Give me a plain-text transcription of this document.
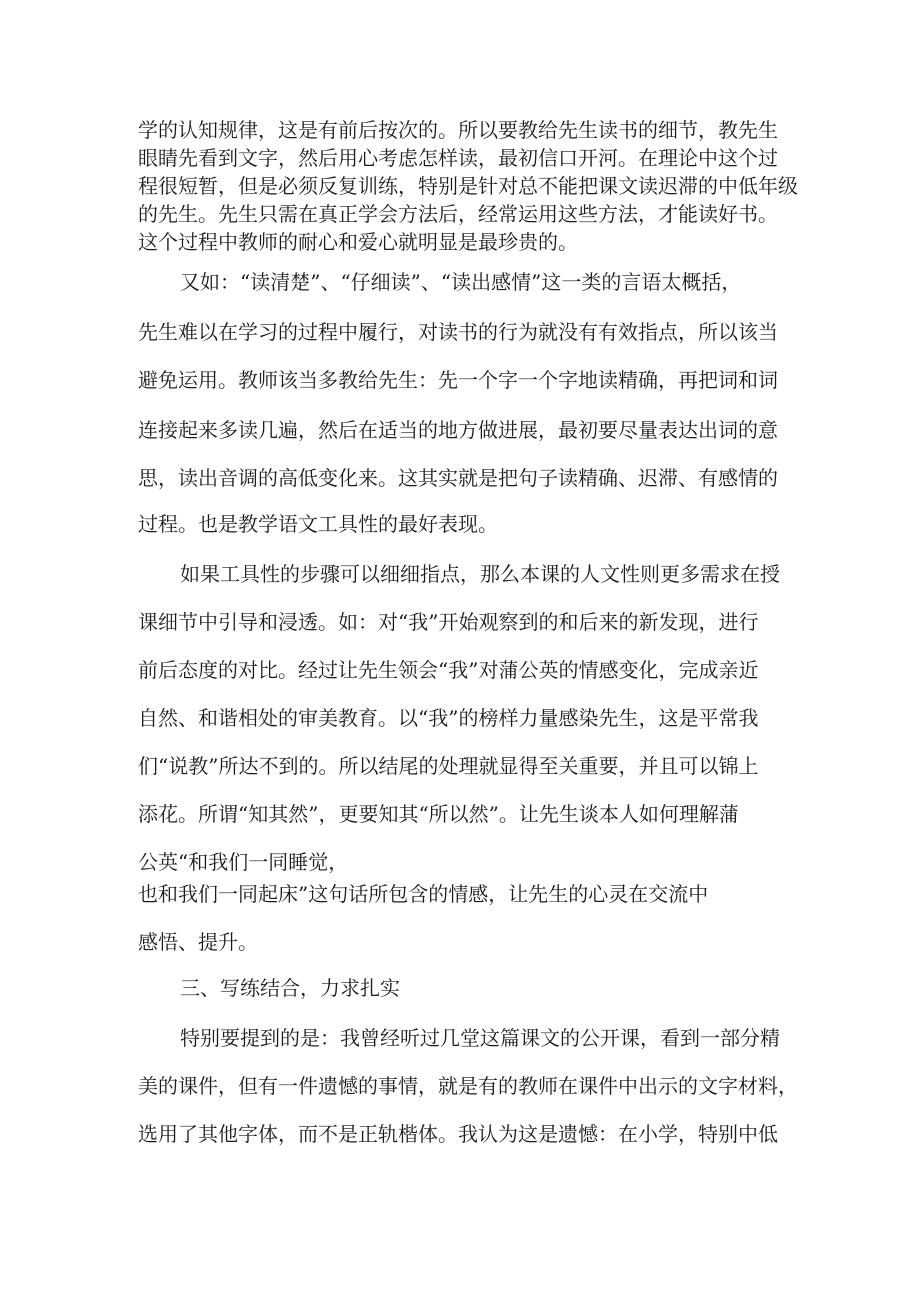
学的认知规律，这是有前后按次的。所以要教给先生读书的细节，教先生

眼睛先看到文字，然后用心考虑怎样读，最初信口开河。在理论中这个过

程很短暂，但是必须反复训练，特别是针对总不能把课文读迟滞的中低年级

的先生。先生只需在真正学会方法后，经常运用这些方法，才能读好书。

这个过程中教师的耐心和爱心就明显是最珍贵的。

又如：“读清楚”、“仔细读”、“读出感情”这一类的言语太概括，

先生难以在学习的过程中履行，对读书的行为就没有有效指点，所以该当

避免运用。教师该当多教给先生：先一个字一个字地读精确，再把词和词

连接起来多读几遍，然后在适当的地方做进展，最初要尽量表达出词的意

思，读出音调的高低变化来。这其实就是把句子读精确、迟滞、有感情的

过程。也是教学语文工具性的最好表现。

如果工具性的步骤可以细细指点，那么本课的人文性则更多需求在授

课细节中引导和浸透。如：对“我”开始观察到的和后来的新发现，进行

前后态度的对比。经过让先生领会“我”对蒲公英的情感变化，完成亲近

自然、和谐相处的审美教育。以“我”的榜样力量感染先生，这是平常我

们“说教”所达不到的。所以结尾的处理就显得至关重要，并且可以锦上

添花。所谓“知其然”，更要知其“所以然”。让先生谈本人如何理解蒲

公英“和我们一同睡觉，

也和我们一同起床”这句话所包含的情感，让先生的心灵在交流中

感悟、提升。

三、写练结合，力求扎实

特别要提到的是：我曾经听过几堂这篇课文的公开课，看到一部分精

美的课件，但有一件遗憾的事情，就是有的教师在课件中出示的文字材料，

选用了其他字体，而不是正轨楷体。我认为这是遗憾：在小学，特别中低
